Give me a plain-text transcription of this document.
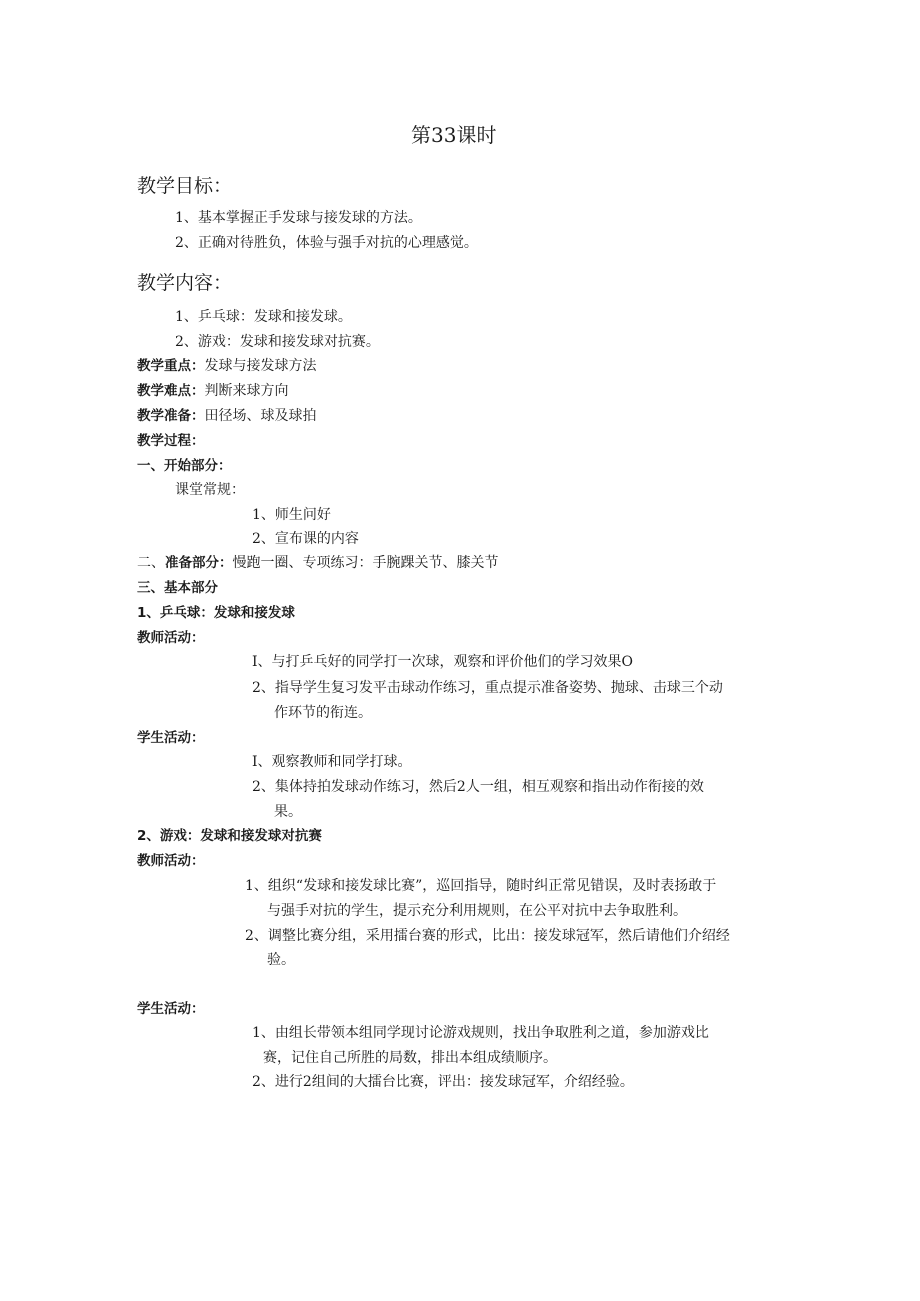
第33课时
教学目标：
1、基本掌握正手发球与接发球的方法。
2、正确对待胜负，体验与强手对抗的心理感觉。
教学内容：
1、乒乓球：发球和接发球。
2、游戏：发球和接发球对抗赛。
教学重点：发球与接发球方法
教学难点：判断来球方向
教学准备：田径场、球及球拍
教学过程：
一、开始部分：
课堂常规：
1、师生问好
2、宣布课的内容
二、准备部分：慢跑一圈、专项练习：手腕踝关节、膝关节
三、基本部分
1、乒乓球：发球和接发球
教师活动：
I、与打乒乓好的同学打一次球，观察和评价他们的学习效果O
2、指导学生复习发平击球动作练习，重点提示准备姿势、抛球、击球三个动
作环节的衔连。
学生活动：
I、观察教师和同学打球。
2、集体持拍发球动作练习，然后2人一组，相互观察和指出动作衔接的效
果。
2、游戏：发球和接发球对抗赛
教师活动：
1、组织“发球和接发球比赛”，巡回指导，随时纠正常见错误，及时表扬敢于
与强手对抗的学生，提示充分利用规则，在公平对抗中去争取胜利。
2、调整比赛分组，采用擂台赛的形式，比出：接发球冠军，然后请他们介绍经
验。
学生活动：
1、由组长带领本组同学现讨论游戏规则，找出争取胜利之道，参加游戏比
赛，记住自己所胜的局数，排出本组成绩顺序。
2、进行2组间的大擂台比赛，评出：接发球冠军，介绍经验。
